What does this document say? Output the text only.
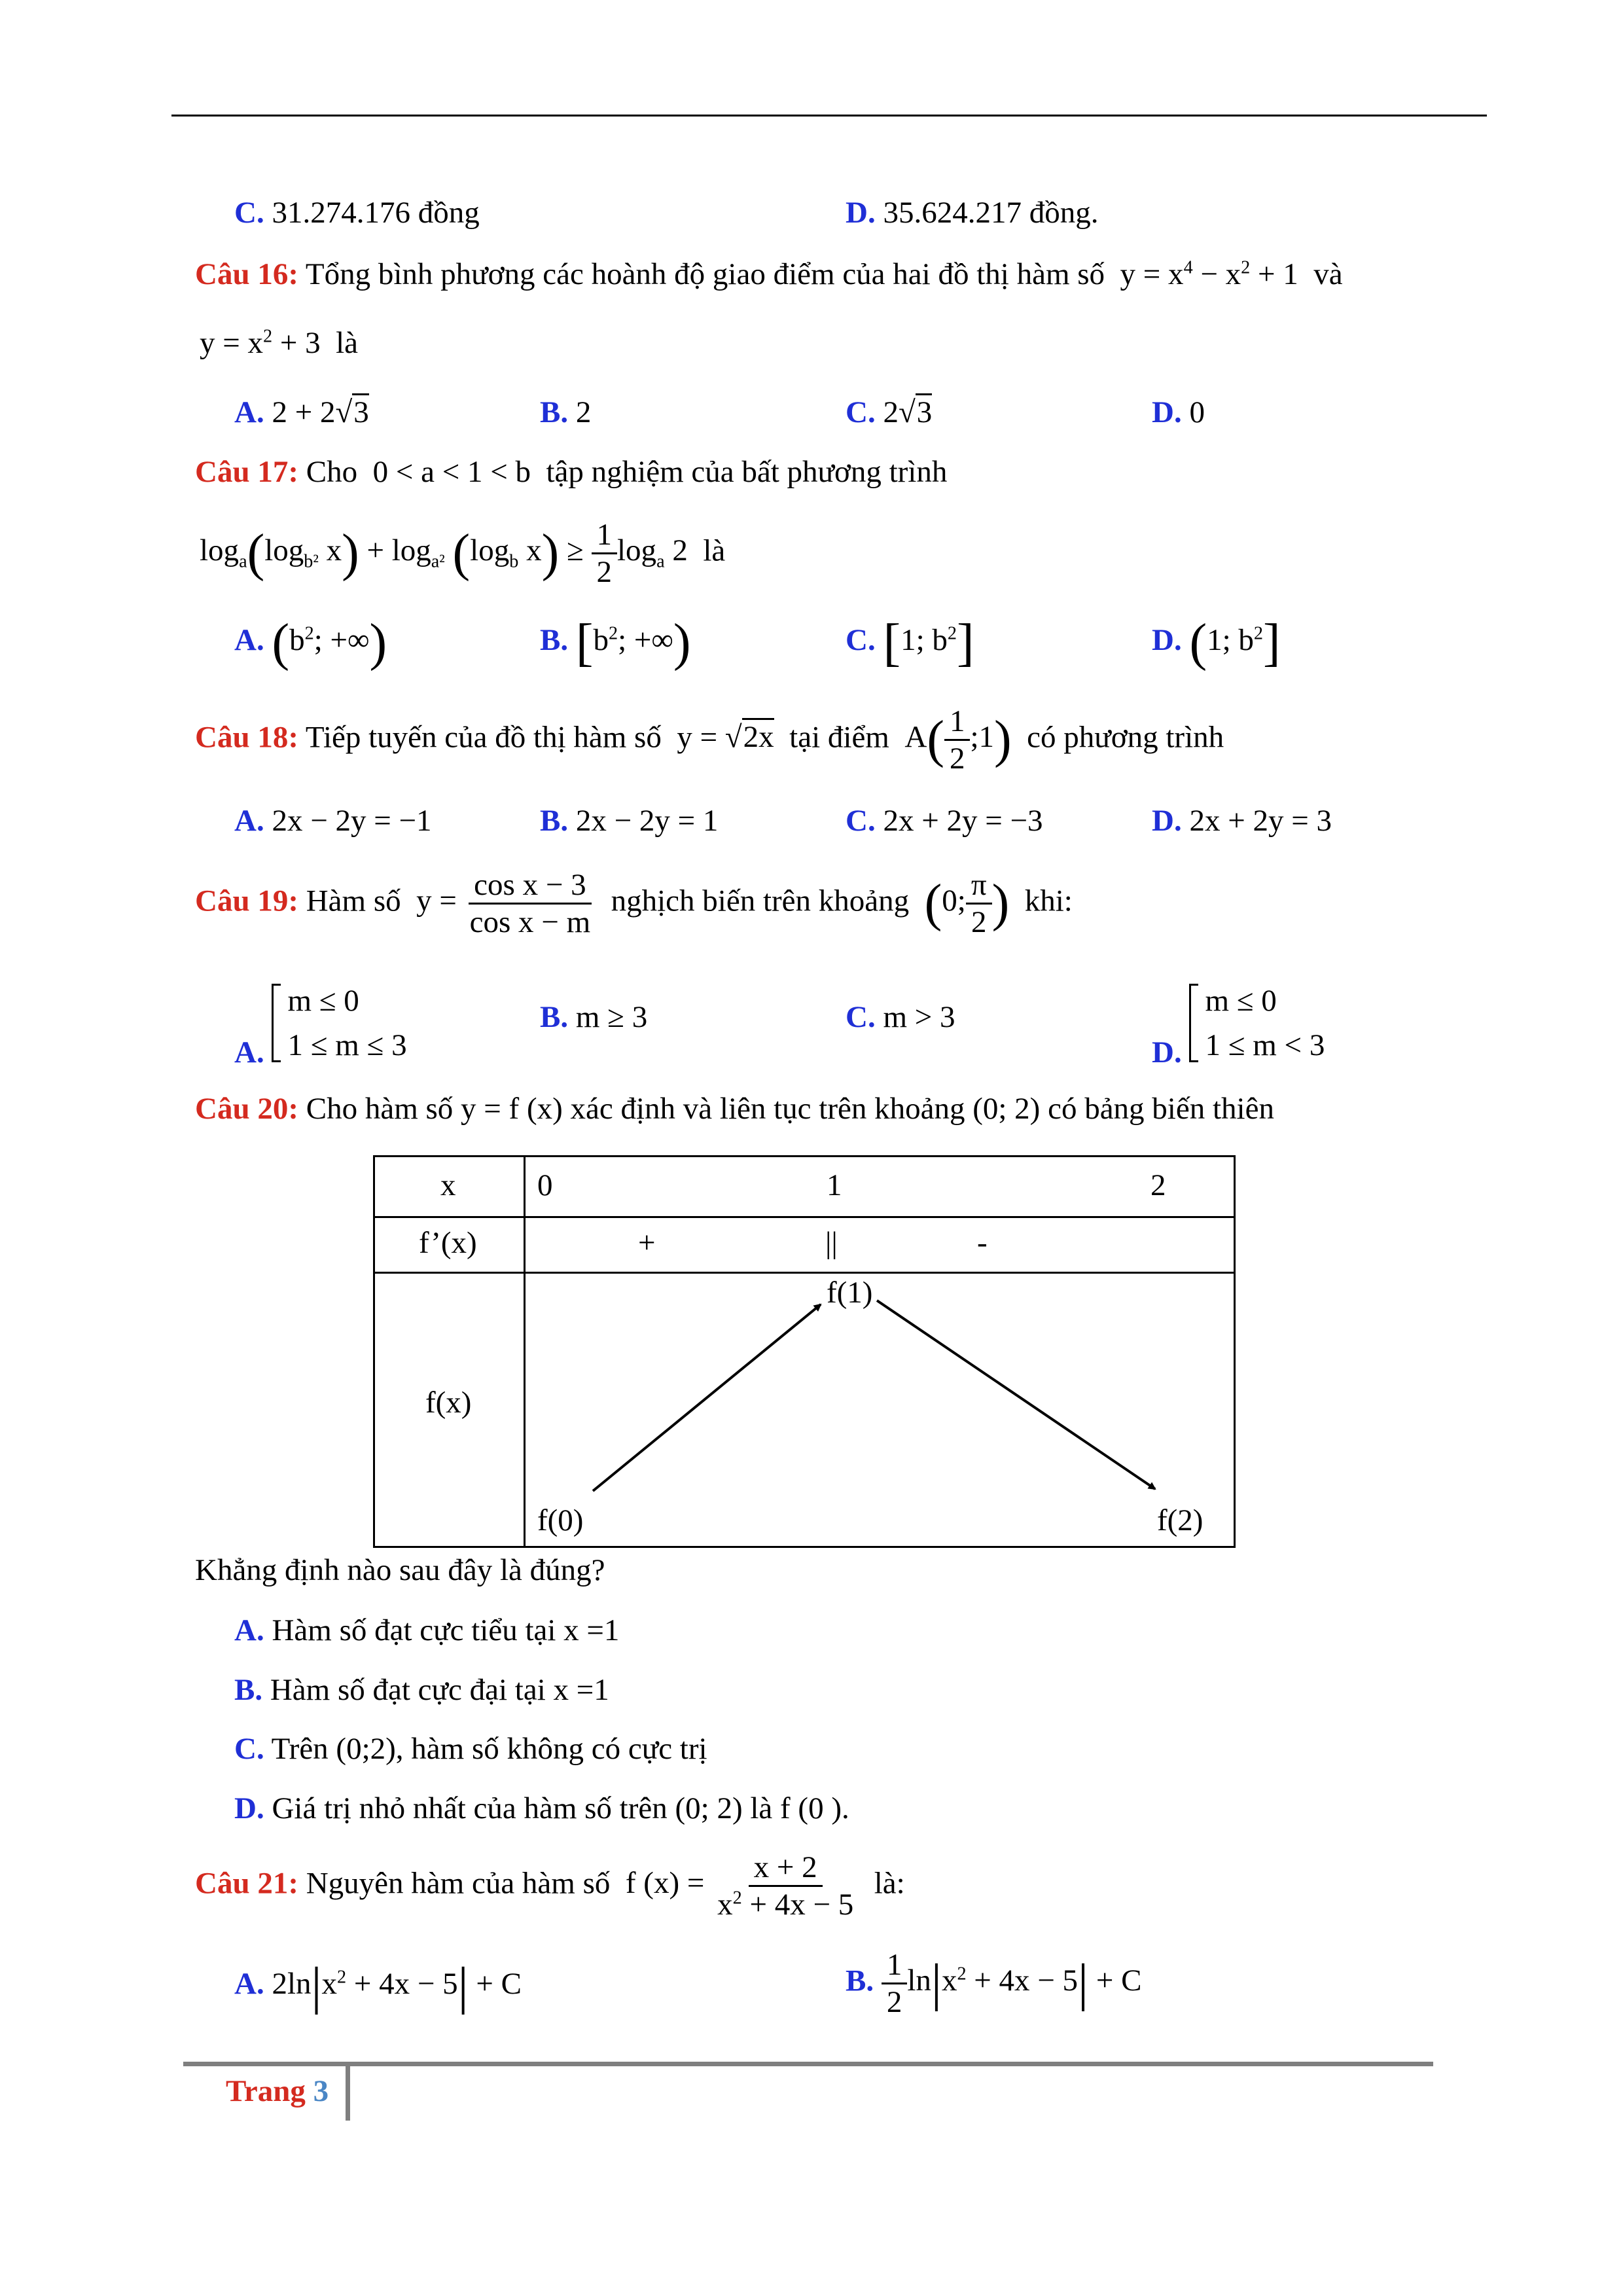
C. 31.274.176 đồng	D. 35.624.217 đồng.
Câu 16: Tổng bình phương các hoành độ giao điểm của hai đồ thị hàm số  $y = x^4 - x^2 + 1$  và
$y = x^2 + 3$  là
A. 2 + 2√3	B. 2	C. 2√3	D. 0
Câu 17: Cho  0 < a < 1 < b  tập nghiệm của bất phương trình
$\log_a(\log_{b^2}$ $x) + \log_{a^2} (\log_b$ $x) \ge \frac{1}{2} \log_a 2$  là
A. ($b^2$; +∞)	B. [$b^2$; +∞)	C. [1; $b^2$]	D. (1; $b^2$]
Câu 18: Tiếp tuyến của đồ thị hàm số  y = √2x tại điểm  $A( \frac{1}{2}$ ;1) có phương trình
A. 2x − 2y = −1	B. 2x − 2y = 1	C. 2x + 2y = −3	D. 2x + 2y = 3
Câu 19: Hàm số  $y = \frac{\text{cos x − 3}}{\text{cos x − m}}$ nghịch biến trên khoảng (0; $\frac{\pi}{2}$ ) khi:
A.
m ≤ 0
1 ≤ m ≤ 3
B. m ≥ 3	C. m > 3
D.
m ≤ 0
1 ≤ m < 3
Câu 20: Cho hàm số y = f (x) xác định và liên tục trên khoảng (0; 2) có bảng biến thiên
x	0	1	2
f’(x)	+	||	-
f(x)
f(0)
f(1)
f(2)
Khẳng định nào sau đây là đúng?
A. Hàm số đạt cực tiểu tại x =1
B. Hàm số đạt cực đại tại x =1
C. Trên (0;2), hàm số không có cực trị
D. Giá trị nhỏ nhất của hàm số trên (0; 2) là f (0 ).
Câu 21: Nguyên hàm của hàm số  f $(x) = \frac{x + 2}{x^2 + 4x - 5}$ là:
A. $2\ln|x^2 + 4x - 5| + C$	B. $\frac{1}{2} \ln|x^2 + 4x - 5| + C$
Trang 3
